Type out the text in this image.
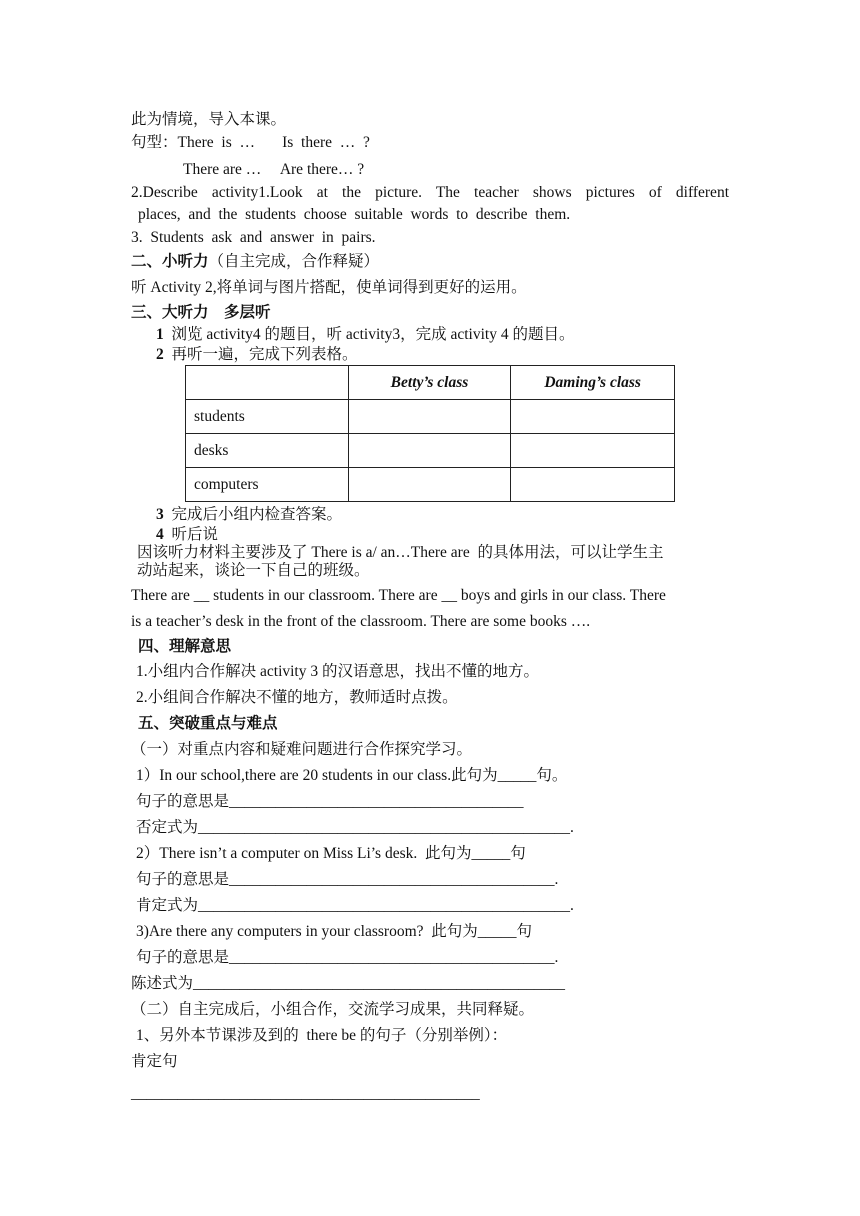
此为情境，导入本课。
句型：There  is  …       Is  there  …  ?
There are …     Are there… ?
2.Describe activity1.Look at the picture. The teacher shows pictures of different
places,  and  the  students  choose  suitable  words  to  describe  them.
3.  Students  ask  and  answer  in  pairs.
二、小听力（自主完成，合作释疑）
听 Activity 2,将单词与图片搭配，使单词得到更好的运用。
三、大听力    多层听
1 浏览 activity4 的题目，听 activity3，完成 activity 4 的题目。
2 再听一遍，完成下列表格。
	Betty’s class	Daming’s class
students		
desks		
computers		
3 完成后小组内检查答案。
4 听后说
因该听力材料主要涉及了 There is a/ an…There are  的具体用法，可以让学生主
动站起来，谈论一下自己的班级。
There are __ students in our classroom. There are __ boys and girls in our class. There
is a teacher’s desk in the front of the classroom. There are some books ….
四、理解意思
1.小组内合作解决 activity 3 的汉语意思，找出不懂的地方。
2.小组间合作解决不懂的地方，教师适时点拨。
五、突破重点与难点
（一）对重点内容和疑难问题进行合作探究学习。
1）In our school,there are 20 students in our class.此句为_____句。
句子的意思是______________________________________
否定式为________________________________________________.
2）There isn’t a computer on Miss Li’s desk.  此句为_____句
句子的意思是__________________________________________.
肯定式为________________________________________________.
3)Are there any computers in your classroom?  此句为_____句
句子的意思是__________________________________________.
陈述式为________________________________________________
（二）自主完成后，小组合作，交流学习成果，共同释疑。
1、另外本节课涉及到的  there be 的句子（分别举例）：
肯定句
_____________________________________________
